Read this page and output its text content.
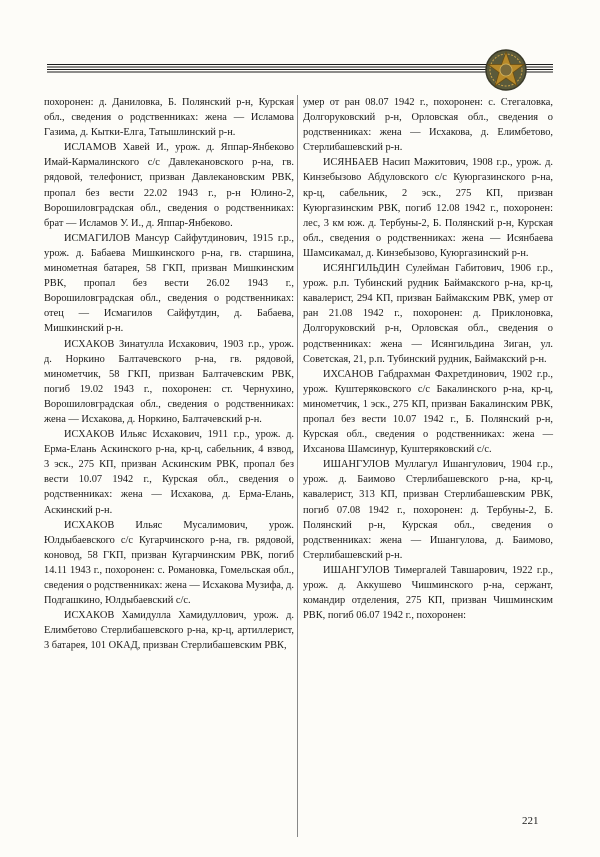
похоронен: д. Даниловка, Б. Полянский р-н, Курская обл., сведения о родственниках: жена — Исламова Газима, д. Кытки-Елга, Татышлинский р-н.

ИСЛАМОВ Хавей И., урож. д. Яппар-Янбеково Имай-Кармалинского с/с Давлекановского р-на, гв. рядовой, телефонист, призван Давлекановским РВК, пропал без вести 22.02 1943 г., р-н Юлино-2, Ворошиловградская обл., сведения о родственниках: брат — Исламов У. И., д. Яппар-Янбеково.

ИСМАГИЛОВ Мансур Сайфутдинович, 1915 г.р., урож. д. Бабаева Мишкинского р-на, гв. старшина, минометная батарея, 58 ГКП, призван Мишкинским РВК, пропал без вести 26.02 1943 г., Ворошиловградская обл., сведения о родственниках: отец — Исмагилов Сайфутдин, д. Бабаева, Мишкинский р-н.

ИСХАКОВ Зинатулла Исхакович, 1903 г.р., урож. д. Норкино Балтачевского р-на, гв. рядовой, минометчик, 58 ГКП, призван Балтачевским РВК, погиб 19.02 1943 г., похоронен: ст. Чернухино, Ворошиловградская обл., сведения о родственниках: жена — Исхакова, д. Норкино, Балтачевский р-н.

ИСХАКОВ Ильяс Исхакович, 1911 г.р., урож. д. Ерма-Елань Аскинского р-на, кр-ц, сабельник, 4 взвод, 3 эск., 275 КП, призван Аскинским РВК, пропал без вести 10.07 1942 г., Курская обл., сведения о родственниках: жена — Исхакова, д. Ерма-Елань, Аскинский р-н.

ИСХАКОВ Ильяс Мусалимович, урож. Юлдыбаевского с/с Кугарчинского р-на, гв. рядовой, коновод, 58 ГКП, призван Кугарчинским РВК, погиб 14.11 1943 г., похоронен: с. Романовка, Гомельская обл., сведения о родственниках: жена — Исхакова Музифа, д. Подгашкино, Юлдыбаевский с/с.

ИСХАКОВ Хамидулла Хамидуллович, урож. д. Елимбетово Стерлибашевского р-на, кр-ц, артиллерист, 3 батарея, 101 ОКАД, призван Стерлибашевским РВК,

умер от ран 08.07 1942 г., похоронен: с. Стегаловка, Долгоруковский р-н, Орловская обл., сведения о родственниках: жена — Исхакова, д. Елимбетово, Стерлибашевский р-н.

ИСЯНБАЕВ Насип Мажитович, 1908 г.р., урож. д. Кинзебызово Абдуловского с/с Куюргазинского р-на, кр-ц, сабельник, 2 эск., 275 КП, призван Куюргазинским РВК, погиб 12.08 1942 г., похоронен: лес, 3 км юж. д. Тербуны-2, Б. Полянский р-н, Курская обл., сведения о родственниках: жена — Исянбаева Шамсикамал, д. Кинзебызово, Куюргазинский р-н.

ИСЯНГИЛЬДИН Сулейман Габитович, 1906 г.р., урож. р.п. Тубинский рудник Баймакского р-на, кр-ц, кавалерист, 294 КП, призван Баймакским РВК, умер от ран 21.08 1942 г., похоронен: д. Приклоновка, Долгоруковский р-н, Орловская обл., сведения о родственниках: жена — Исянгильдина Зиган, ул. Советская, 21, р.п. Тубинский рудник, Баймакский р-н.

ИХСАНОВ Габдрахман Фахретдинович, 1902 г.р., урож. Куштеряковского с/с Бакалинского р-на, кр-ц, минометчик, 1 эск., 275 КП, призван Бакалинским РВК, пропал без вести 10.07 1942 г., Б. Полянский р-н, Курская обл., сведения о родственниках: жена — Ихсанова Шамсинур, Куштеряковский с/с.

ИШАНГУЛОВ Муллагул Ишангулович, 1904 г.р., урож. д. Баимово Стерлибашевского р-на, кр-ц, кавалерист, 313 КП, призван Стерлибашевским РВК, погиб 07.08 1942 г., похоронен: д. Тербуны-2, Б. Полянский р-н, Курская обл., сведения о родственниках: жена — Ишангулова, д. Баимово, Стерлибашевский р-н.

ИШАНГУЛОВ Тимергалей Тавшарович, 1922 г.р., урож. д. Аккушево Чишминского р-на, сержант, командир отделения, 275 КП, призван Чишминским РВК, погиб 06.07 1942 г., похоронен:

221
